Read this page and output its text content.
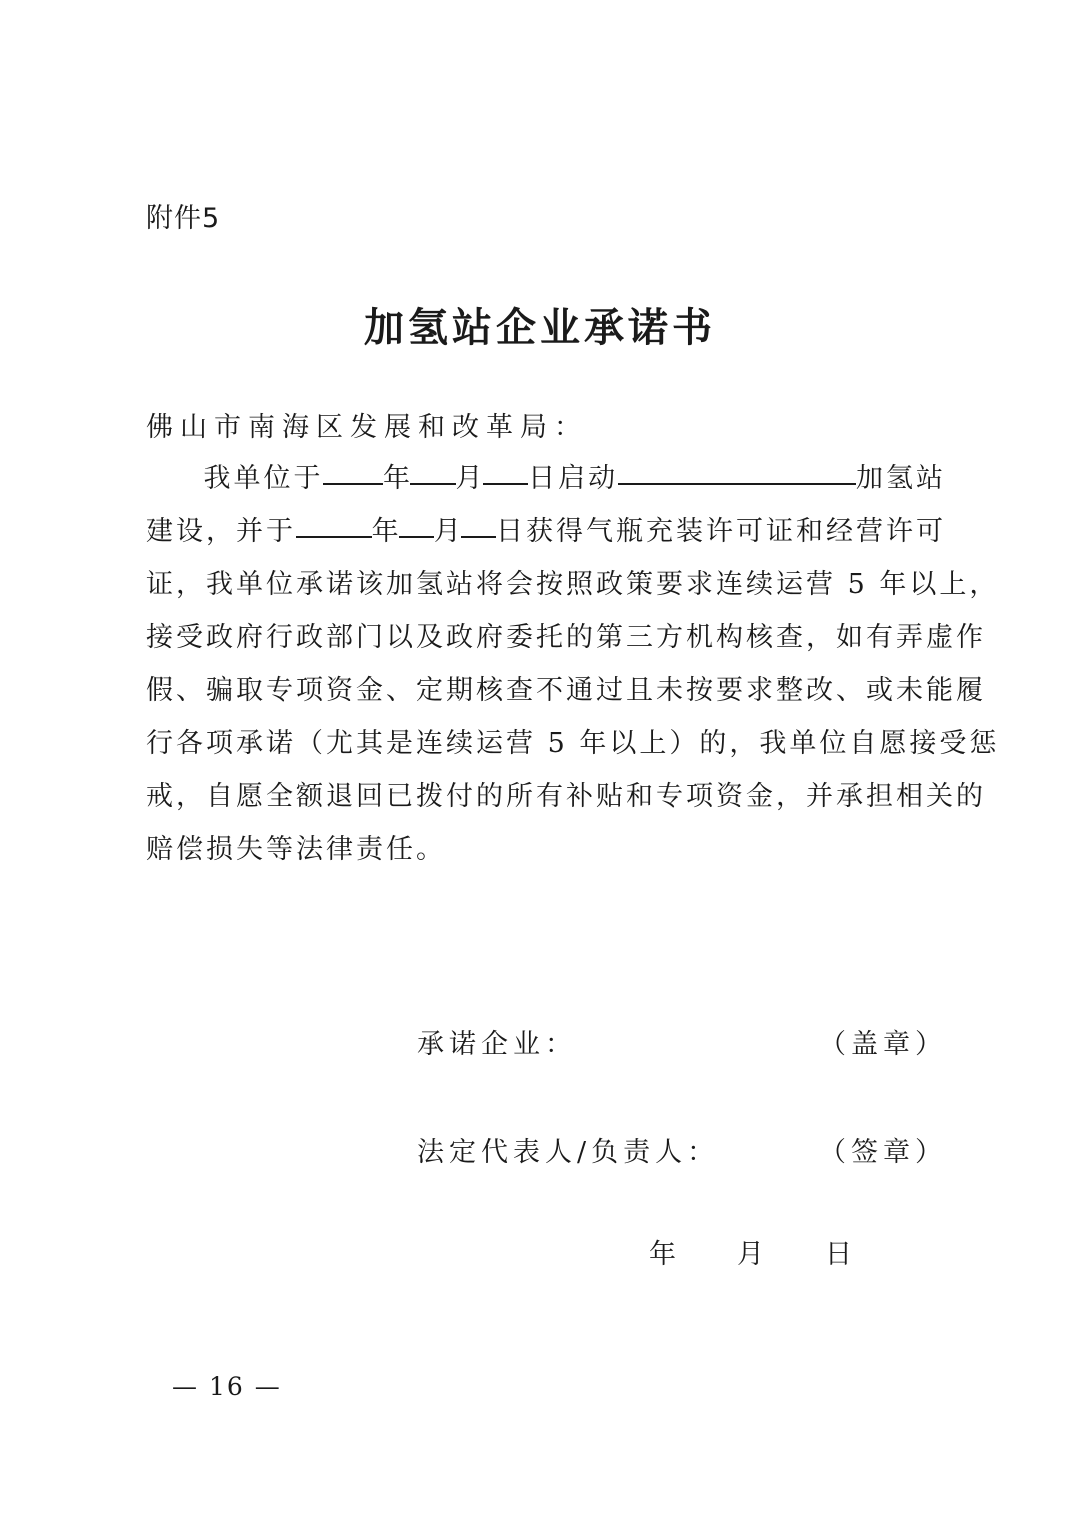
附件5
加氢站企业承诺书
佛山市南海区发展和改革局：
我单位于 年 月 日启动	加氢站
建设，并于	年 月 日获得气瓶充装许可证和经营许可
证，我单位承诺该加氢站将会按照政策要求连续运营 5 年以上，
接受政府行政部门以及政府委托的第三方机构核查，如有弄虚作
假、骗取专项资金、定期核查不通过且未按要求整改、或未能履
行各项承诺（尤其是连续运营 5 年以上）的，我单位自愿接受惩
戒，自愿全额退回已拨付的所有补贴和专项资金，并承担相关的
赔偿损失等法律责任。
承诺企业：	（盖章）
法定代表人/负责人：	（签章）
年	月	日
— 16 —
